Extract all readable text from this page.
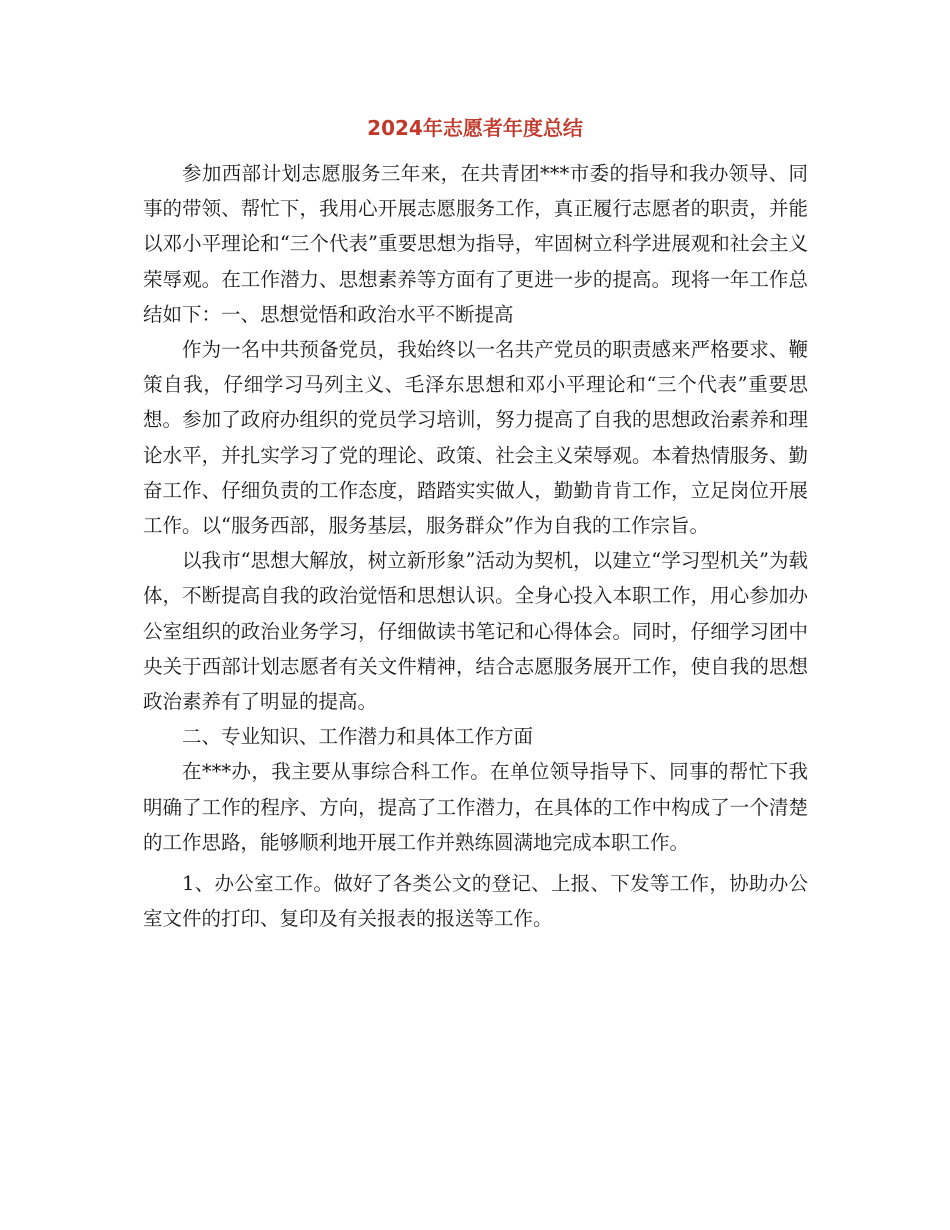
2024年志愿者年度总结

参加西部计划志愿服务三年来，在共青团***市委的指导和我办领导、同事的带领、帮忙下，我用心开展志愿服务工作，真正履行志愿者的职责，并能以邓小平理论和“三个代表”重要思想为指导，牢固树立科学进展观和社会主义荣辱观。在工作潜力、思想素养等方面有了更进一步的提高。现将一年工作总结如下：一、思想觉悟和政治水平不断提高

作为一名中共预备党员，我始终以一名共产党员的职责感来严格要求、鞭策自我，仔细学习马列主义、毛泽东思想和邓小平理论和“三个代表”重要思想。参加了政府办组织的党员学习培训，努力提高了自我的思想政治素养和理论水平，并扎实学习了党的理论、政策、社会主义荣辱观。本着热情服务、勤奋工作、仔细负责的工作态度，踏踏实实做人，勤勤肯肯工作，立足岗位开展工作。以“服务西部，服务基层，服务群众”作为自我的工作宗旨。

以我市“思想大解放，树立新形象”活动为契机，以建立“学习型机关”为载体，不断提高自我的政治觉悟和思想认识。全身心投入本职工作，用心参加办公室组织的政治业务学习，仔细做读书笔记和心得体会。同时，仔细学习团中央关于西部计划志愿者有关文件精神，结合志愿服务展开工作，使自我的思想政治素养有了明显的提高。

二、专业知识、工作潜力和具体工作方面

在***办，我主要从事综合科工作。在单位领导指导下、同事的帮忙下我明确了工作的程序、方向，提高了工作潜力，在具体的工作中构成了一个清楚的工作思路，能够顺利地开展工作并熟练圆满地完成本职工作。

1、办公室工作。做好了各类公文的登记、上报、下发等工作，协助办公室文件的打印、复印及有关报表的报送等工作。
